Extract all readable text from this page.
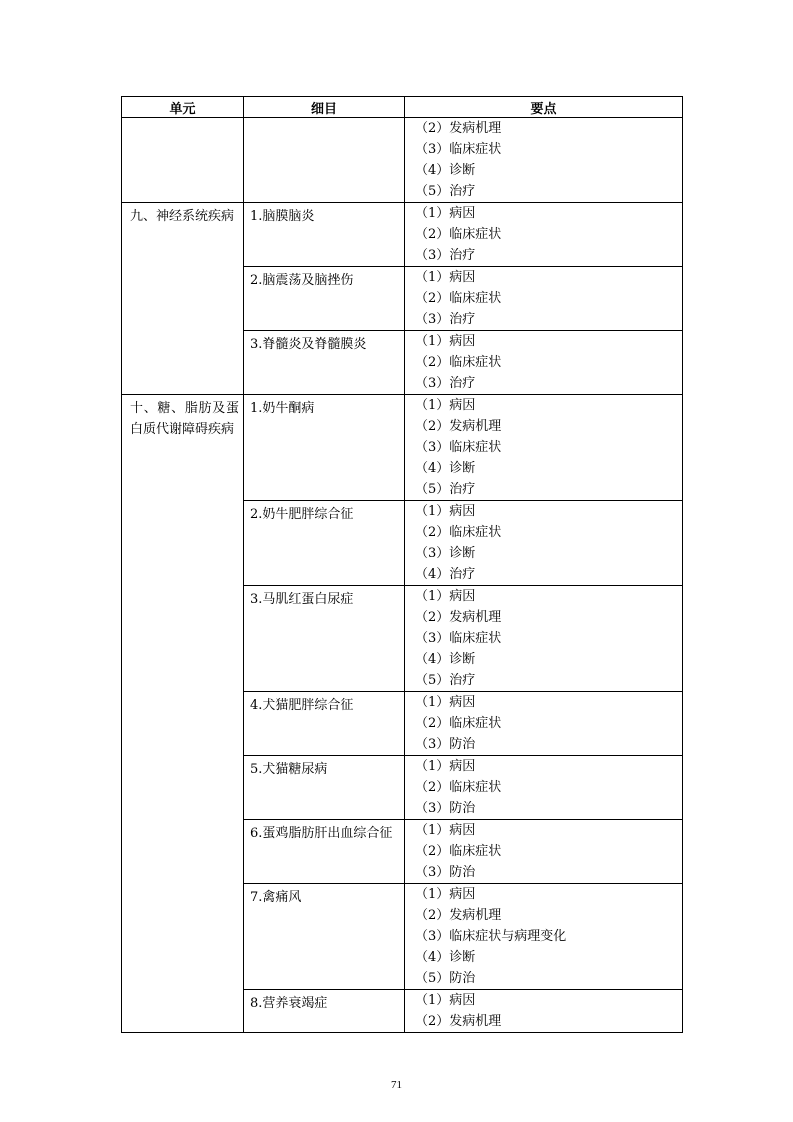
单元	细目	要点

		（2）发病机理
（3）临床症状
（4）诊断
（5）治疗

九、神经系统疾病	1.脑膜脑炎	（1）病因
（2）临床症状
（3）治疗

	2.脑震荡及脑挫伤	（1）病因
（2）临床症状
（3）治疗

	3.脊髓炎及脊髓膜炎	（1）病因
（2）临床症状
（3）治疗

十、糖、脂肪及蛋白质代谢障碍疾病	1.奶牛酮病	（1）病因
（2）发病机理
（3）临床症状
（4）诊断
（5）治疗

	2.奶牛肥胖综合征	（1）病因
（2）临床症状
（3）诊断
（4）治疗

	3.马肌红蛋白尿症	（1）病因
（2）发病机理
（3）临床症状
（4）诊断
（5）治疗

	4.犬猫肥胖综合征	（1）病因
（2）临床症状
（3）防治

	5.犬猫糖尿病	（1）病因
（2）临床症状
（3）防治

	6.蛋鸡脂肪肝出血综合征	（1）病因
（2）临床症状
（3）防治

	7.禽痛风	（1）病因
（2）发病机理
（3）临床症状与病理变化
（4）诊断
（5）防治

	8.营养衰竭症	（1）病因
（2）发病机理
71
